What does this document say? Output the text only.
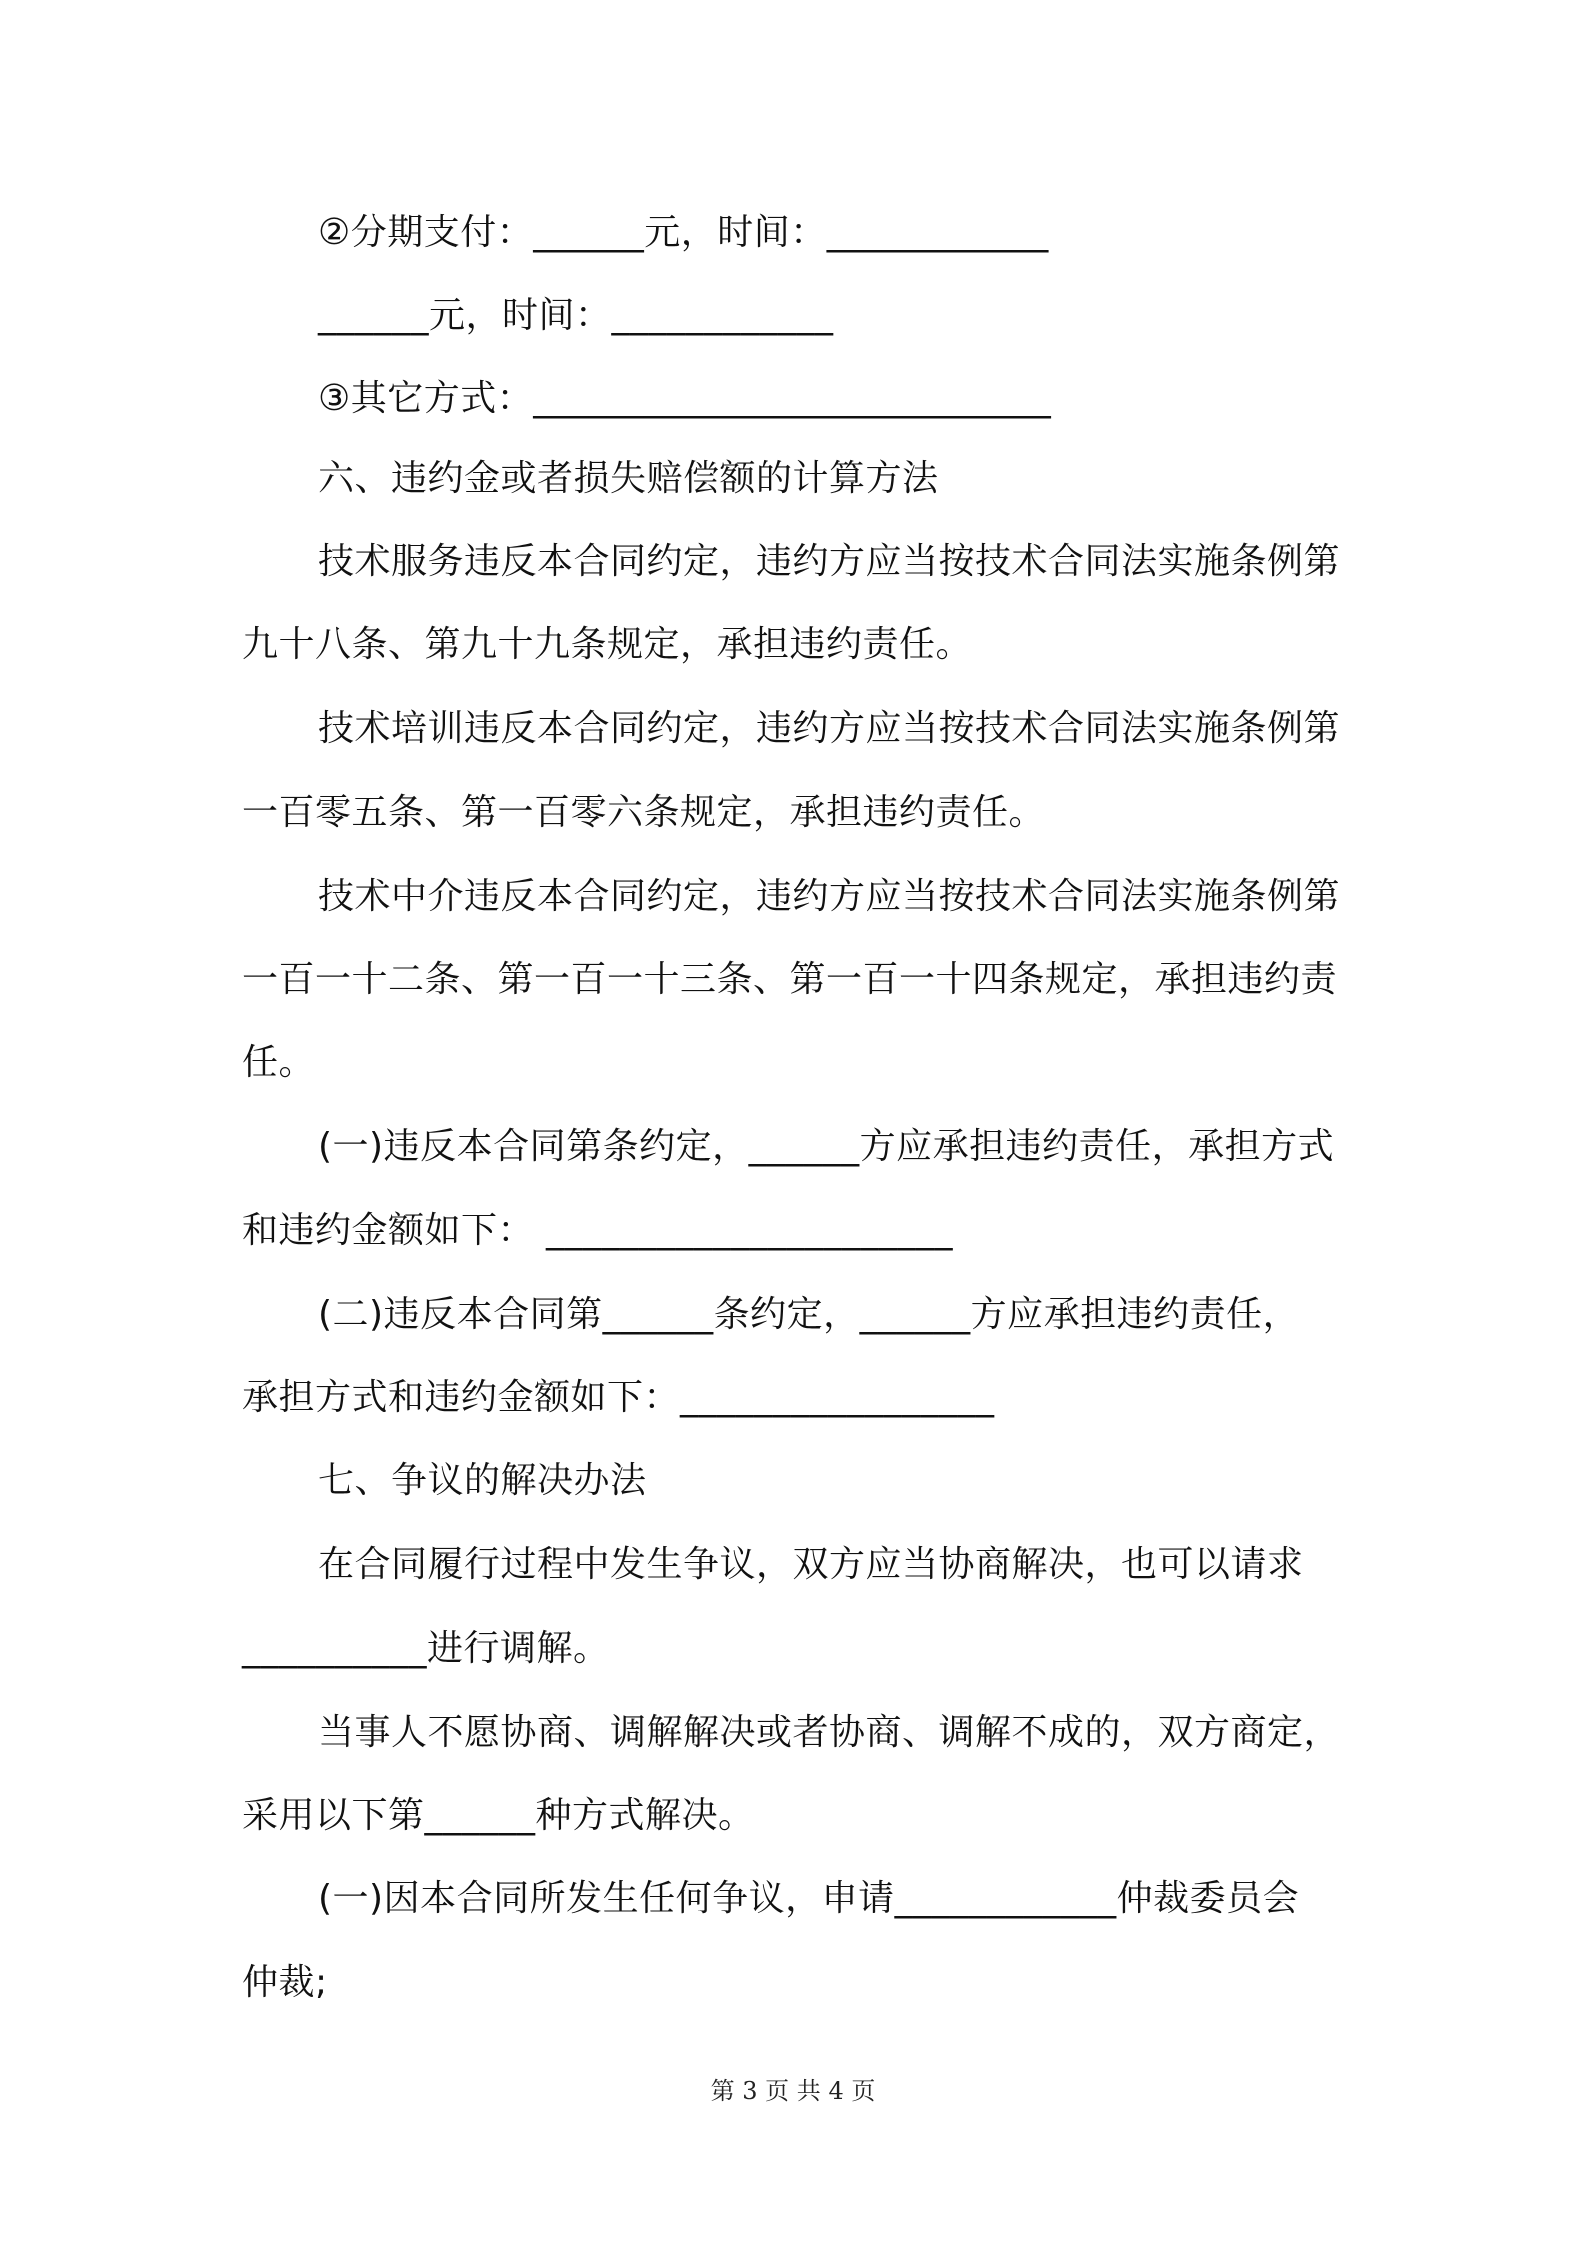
②分期支付：______元，时间：____________
______元，时间：____________
③其它方式：____________________________
六、违约金或者损失赔偿额的计算方法
技术服务违反本合同约定，违约方应当按技术合同法实施条例第
九十八条、第九十九条规定，承担违约责任。
技术培训违反本合同约定，违约方应当按技术合同法实施条例第
一百零五条、第一百零六条规定，承担违约责任。
技术中介违反本合同约定，违约方应当按技术合同法实施条例第
一百一十二条、第一百一十三条、第一百一十四条规定，承担违约责
任。
(一)违反本合同第条约定，______方应承担违约责任，承担方式
和违约金额如下： ______________________
(二)违反本合同第______条约定，______方应承担违约责任，
承担方式和违约金额如下：_________________
七、争议的解决办法
在合同履行过程中发生争议，双方应当协商解决，也可以请求
__________进行调解。
当事人不愿协商、调解解决或者协商、调解不成的，双方商定，
采用以下第______种方式解决。
(一)因本合同所发生任何争议，申请____________仲裁委员会
仲裁;
第 3 页 共 4 页
